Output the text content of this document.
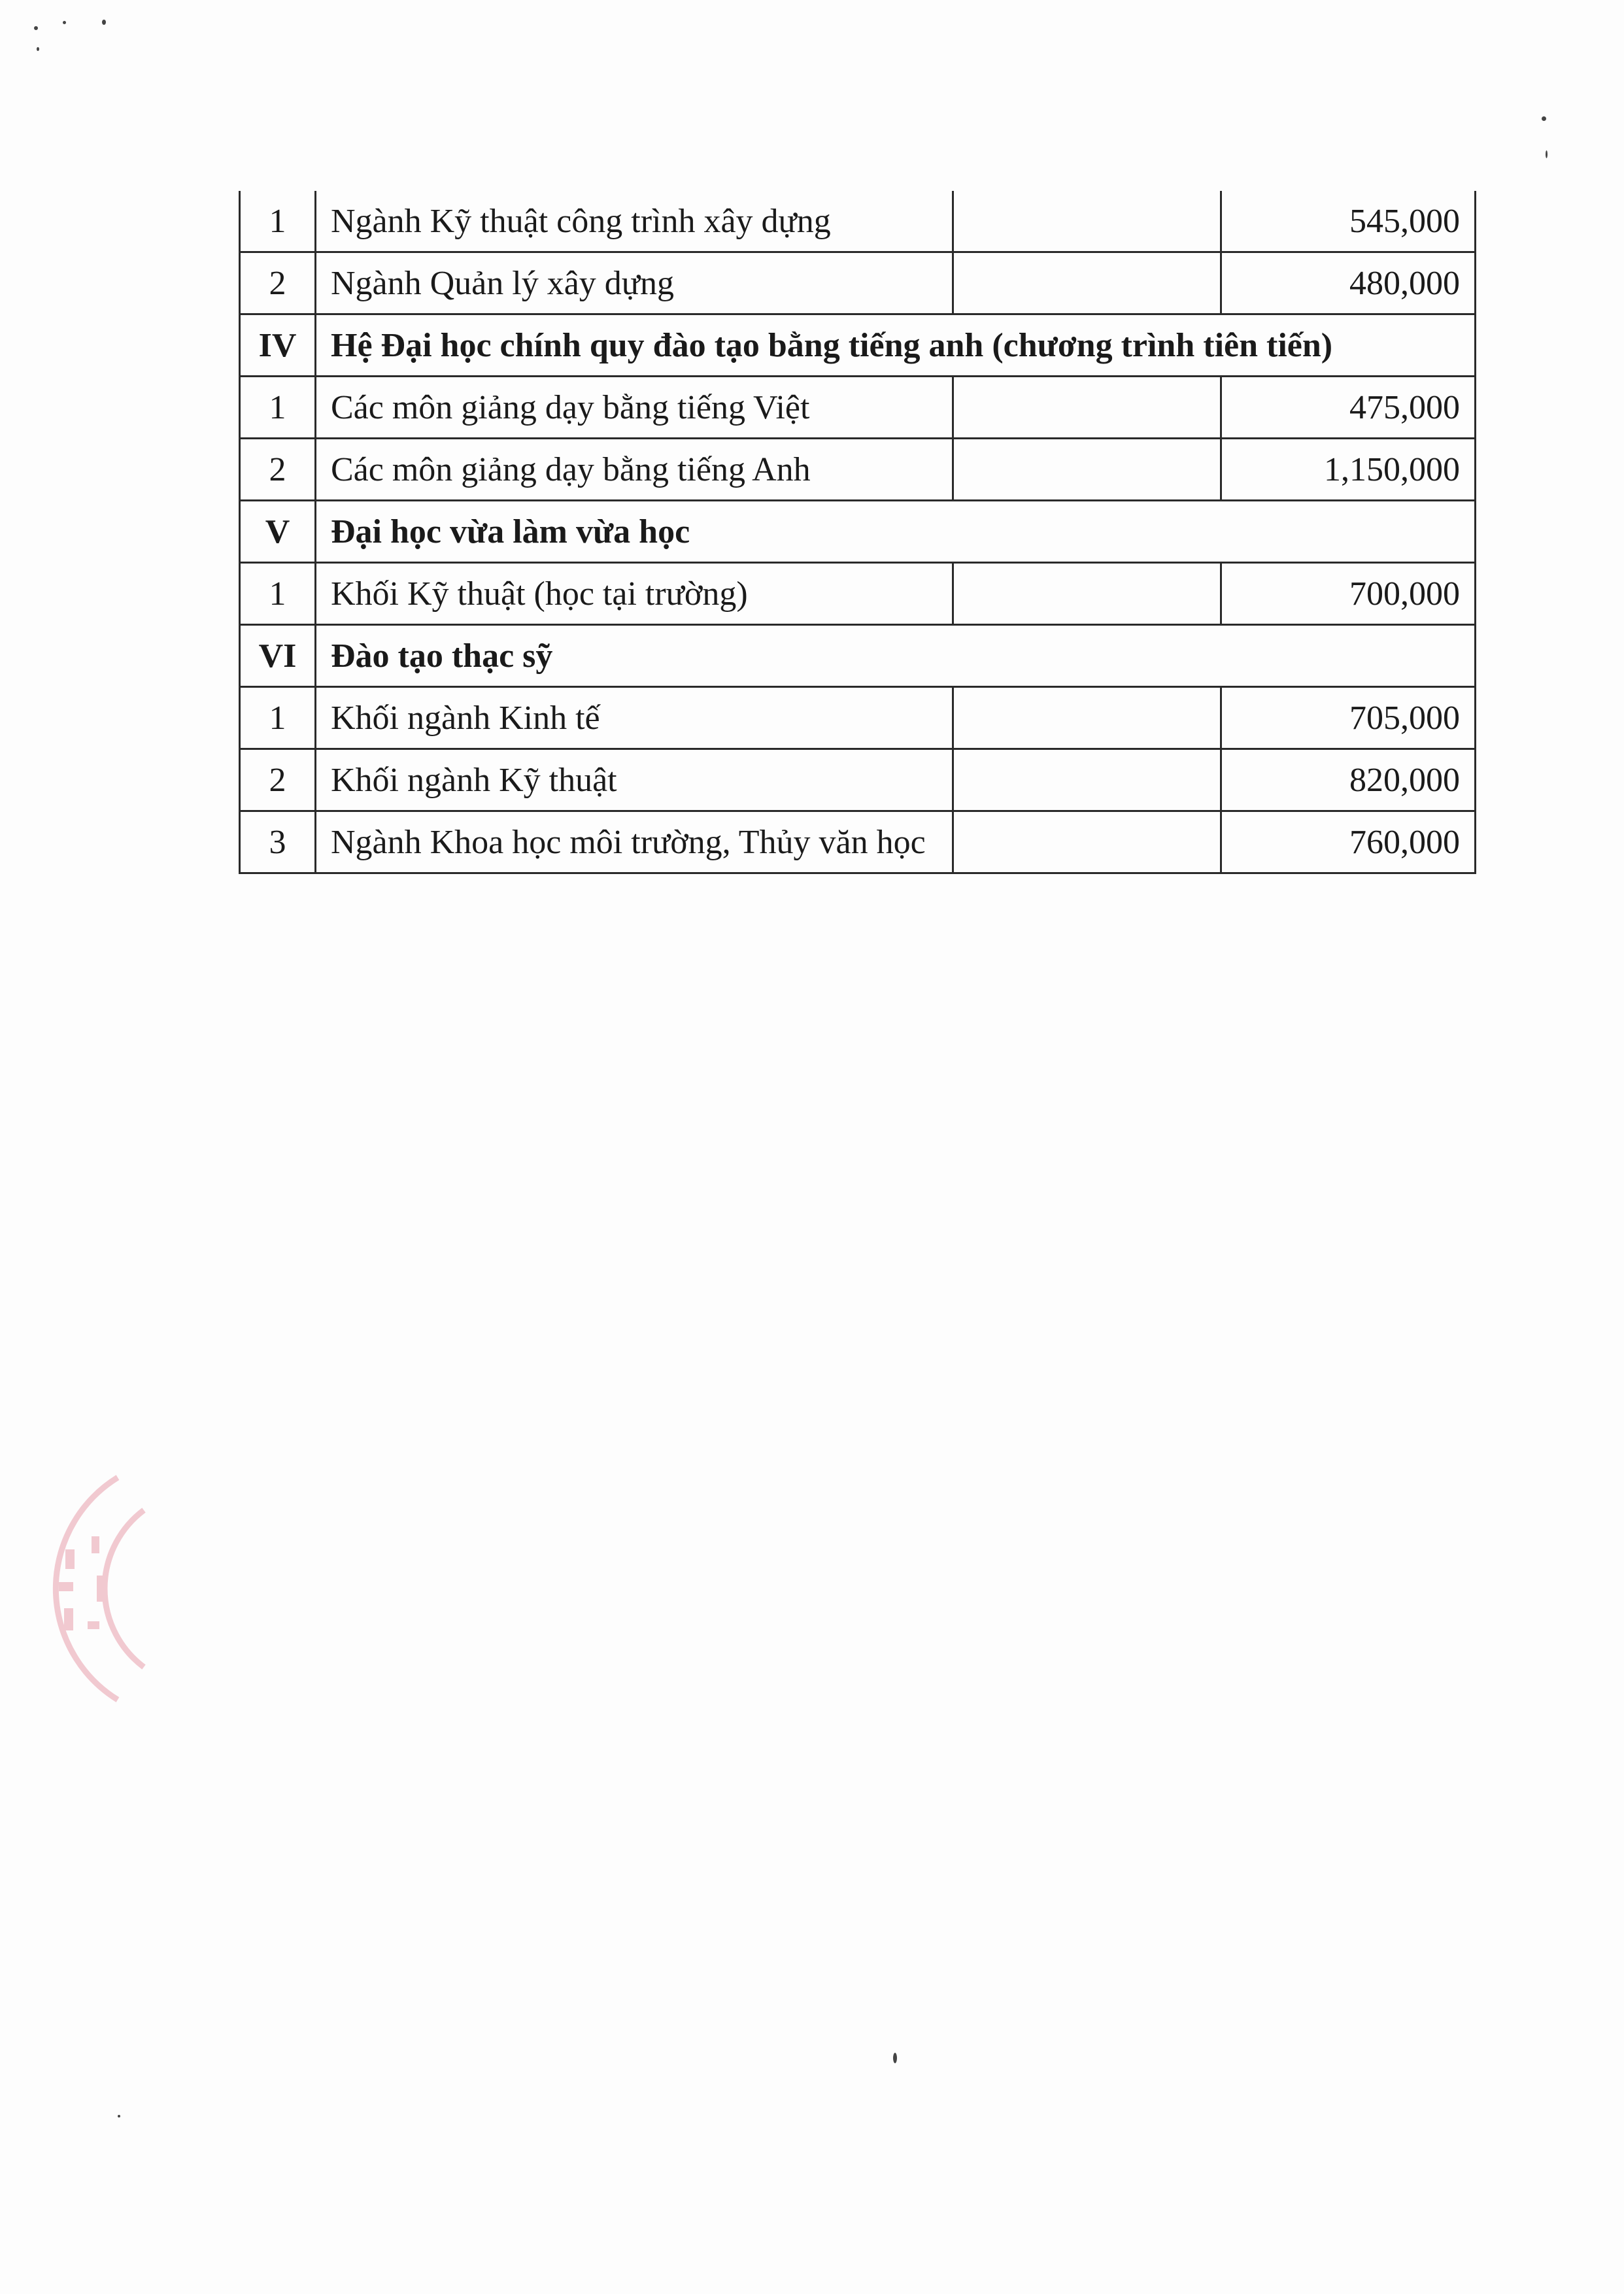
1	Ngành Kỹ thuật công trình xây dựng		545,000
2	Ngành Quản lý xây dựng		480,000
IV	Hệ Đại học chính quy đào tạo bằng tiếng anh (chương trình tiên tiến)		
1	Các môn giảng dạy bằng tiếng Việt		475,000
2	Các môn giảng dạy bằng tiếng Anh		1,150,000
V	Đại học vừa làm vừa học		
1	Khối Kỹ thuật (học tại trường)		700,000
VI	Đào tạo thạc sỹ		
1	Khối ngành Kinh tế		705,000
2	Khối ngành Kỹ thuật		820,000
3	Ngành Khoa học môi trường, Thủy văn học		760,000
